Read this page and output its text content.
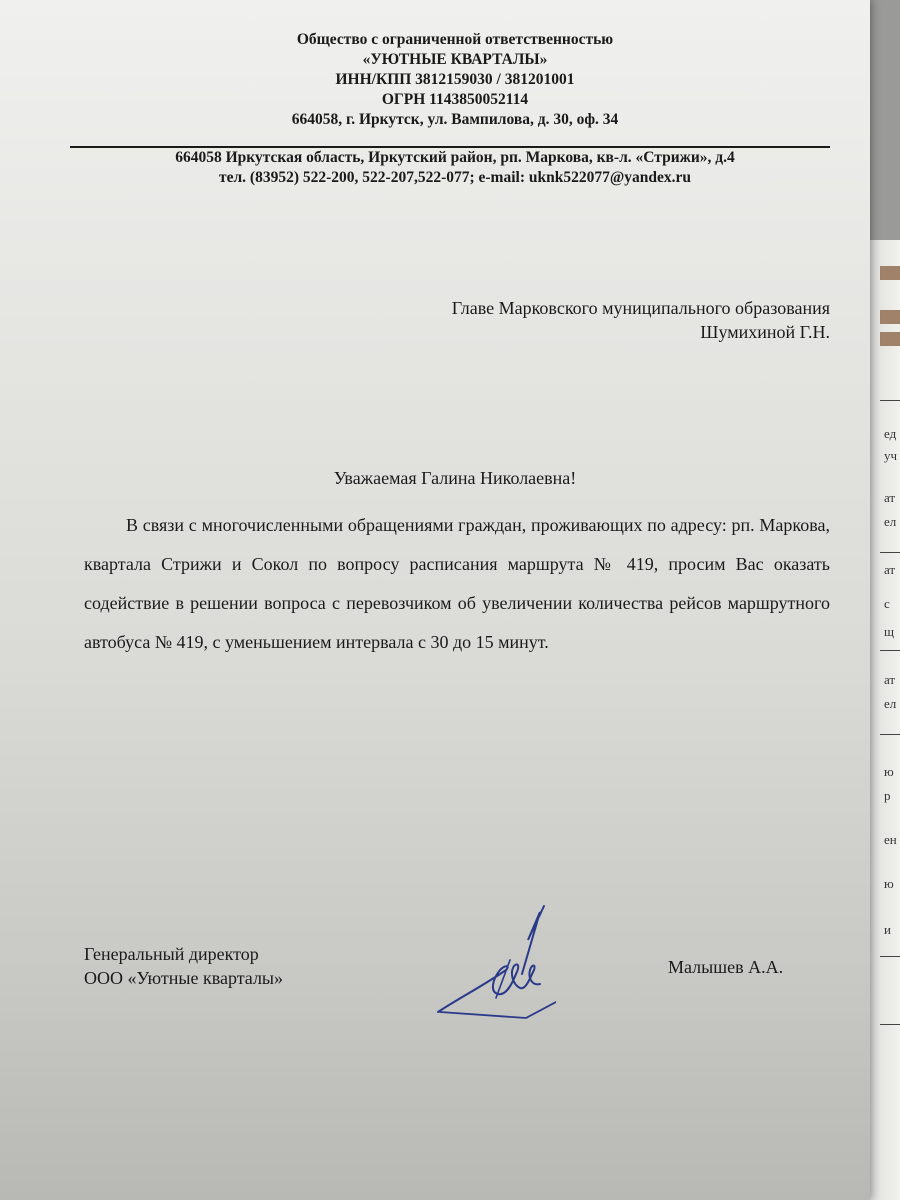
ед
уч
ат
ел
ат
с
щ
ат
ел
ю
р
ен
ю
и
Общество с ограниченной ответственностью
«УЮТНЫЕ КВАРТАЛЫ»
ИНН/КПП 3812159030 / 381201001
ОГРН 1143850052114
664058, г. Иркутск, ул. Вампилова, д. 30, оф. 34
664058 Иркутская область, Иркутский район, рп. Маркова, кв-л. «Стрижи», д.4
тел. (83952) 522-200, 522-207,522-077; e-mail: uknk522077@yandex.ru
Главе Марковского муниципального образования
Шумихиной Г.Н.
Уважаемая Галина Николаевна!

В связи с многочисленными обращениями граждан, проживающих по адресу: рп. Маркова, квартала Стрижи и Сокол по вопросу расписания маршрута № 419, просим Вас оказать содействие в решении вопроса с перевозчиком об увеличении количества рейсов маршрутного автобуса № 419, с уменьшением интервала с 30 до 15 минут.

Генеральный директор
ООО «Уютные кварталы»
Малышев А.А.
